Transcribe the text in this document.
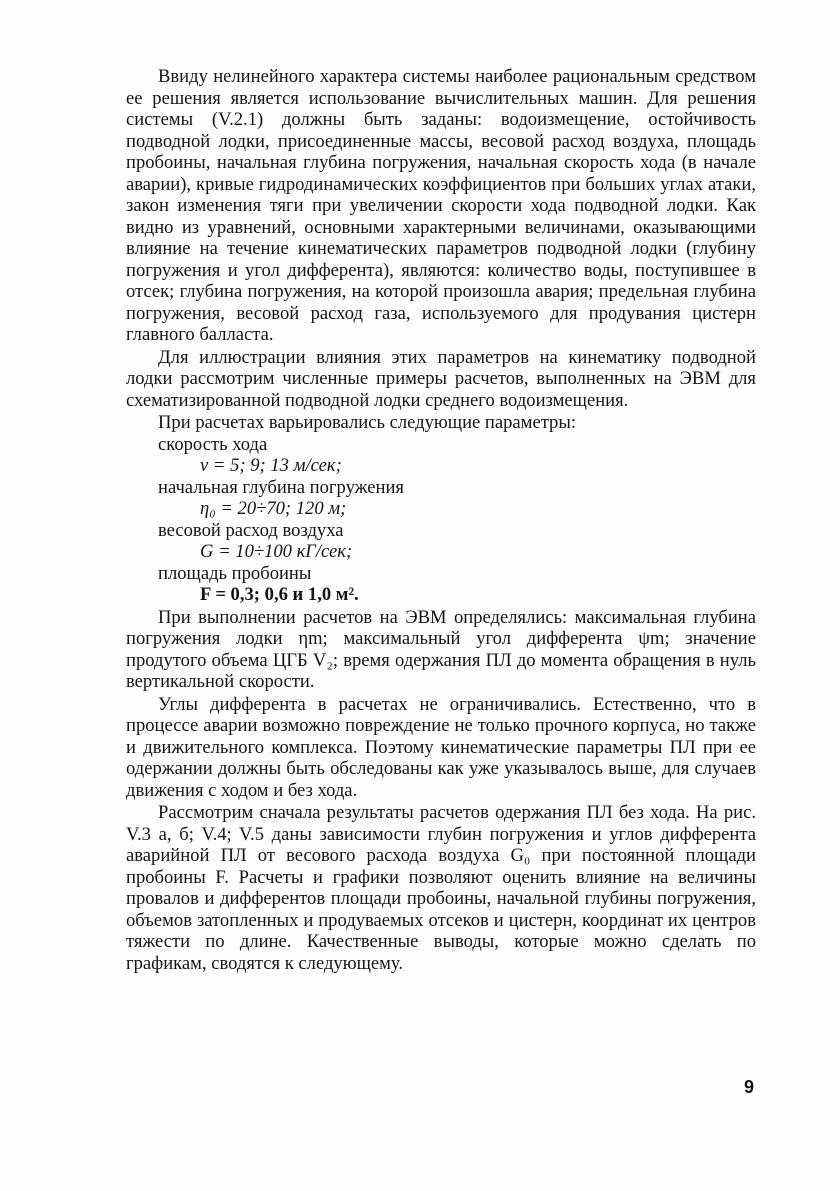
Ввиду нелинейного характера системы наиболее рациональным средством ее решения является использование вычислительных машин. Для решения системы (V.2.1) должны быть заданы: водоизмещение, остойчивость подводной лодки, присоединенные массы, весовой расход воздуха, площадь пробоины, начальная глубина погружения, начальная скорость хода (в начале аварии), кривые гидродинамических коэффициентов при больших углах атаки, закон изменения тяги при увеличении скорости хода подводной лодки. Как видно из уравнений, основными характерными величинами, оказывающими влияние на течение кинематических параметров подводной лодки (глубину погружения и угол дифферента), являются: количество воды, поступившее в отсек; глубина погружения, на которой произошла авария; предельная глубина погружения, весовой расход газа, используемого для продувания цистерн главного балласта.

Для иллюстрации влияния этих параметров на кинематику подводной лодки рассмотрим численные примеры расчетов, выполненных на ЭВМ для схематизированной подводной лодки среднего водоизмещения.

При расчетах варьировались следующие параметры:

скорость хода

v = 5; 9; 13 м/сек;

начальная глубина погружения

η₀ = 20÷70; 120 м;

весовой расход воздуха

G = 10÷100 кГ/сек;

площадь пробоины

F = 0,3; 0,6 и 1,0 м².

При выполнении расчетов на ЭВМ определялись: максимальная глубина погружения лодки ηm; максимальный угол дифферента ψm; значение продутого объема ЦГБ V₂; время одержания ПЛ до момента обращения в нуль вертикальной скорости.

Углы дифферента в расчетах не ограничивались. Естественно, что в процессе аварии возможно повреждение не только прочного корпуса, но также и движительного комплекса. Поэтому кинематические параметры ПЛ при ее одержании должны быть обследованы как уже указывалось выше, для случаев движения с ходом и без хода.

Рассмотрим сначала результаты расчетов одержания ПЛ без хода. На рис. V.3 а, б; V.4; V.5 даны зависимости глубин погружения и углов дифферента аварийной ПЛ от весового расхода воздуха G₀ при постоянной площади пробоины F. Расчеты и графики позволяют оценить влияние на величины провалов и дифферентов площади пробоины, начальной глубины погружения, объемов затопленных и продуваемых отсеков и цистерн, координат их центров тяжести по длине. Качественные выводы, которые можно сделать по графикам, сводятся к следующему.

9
